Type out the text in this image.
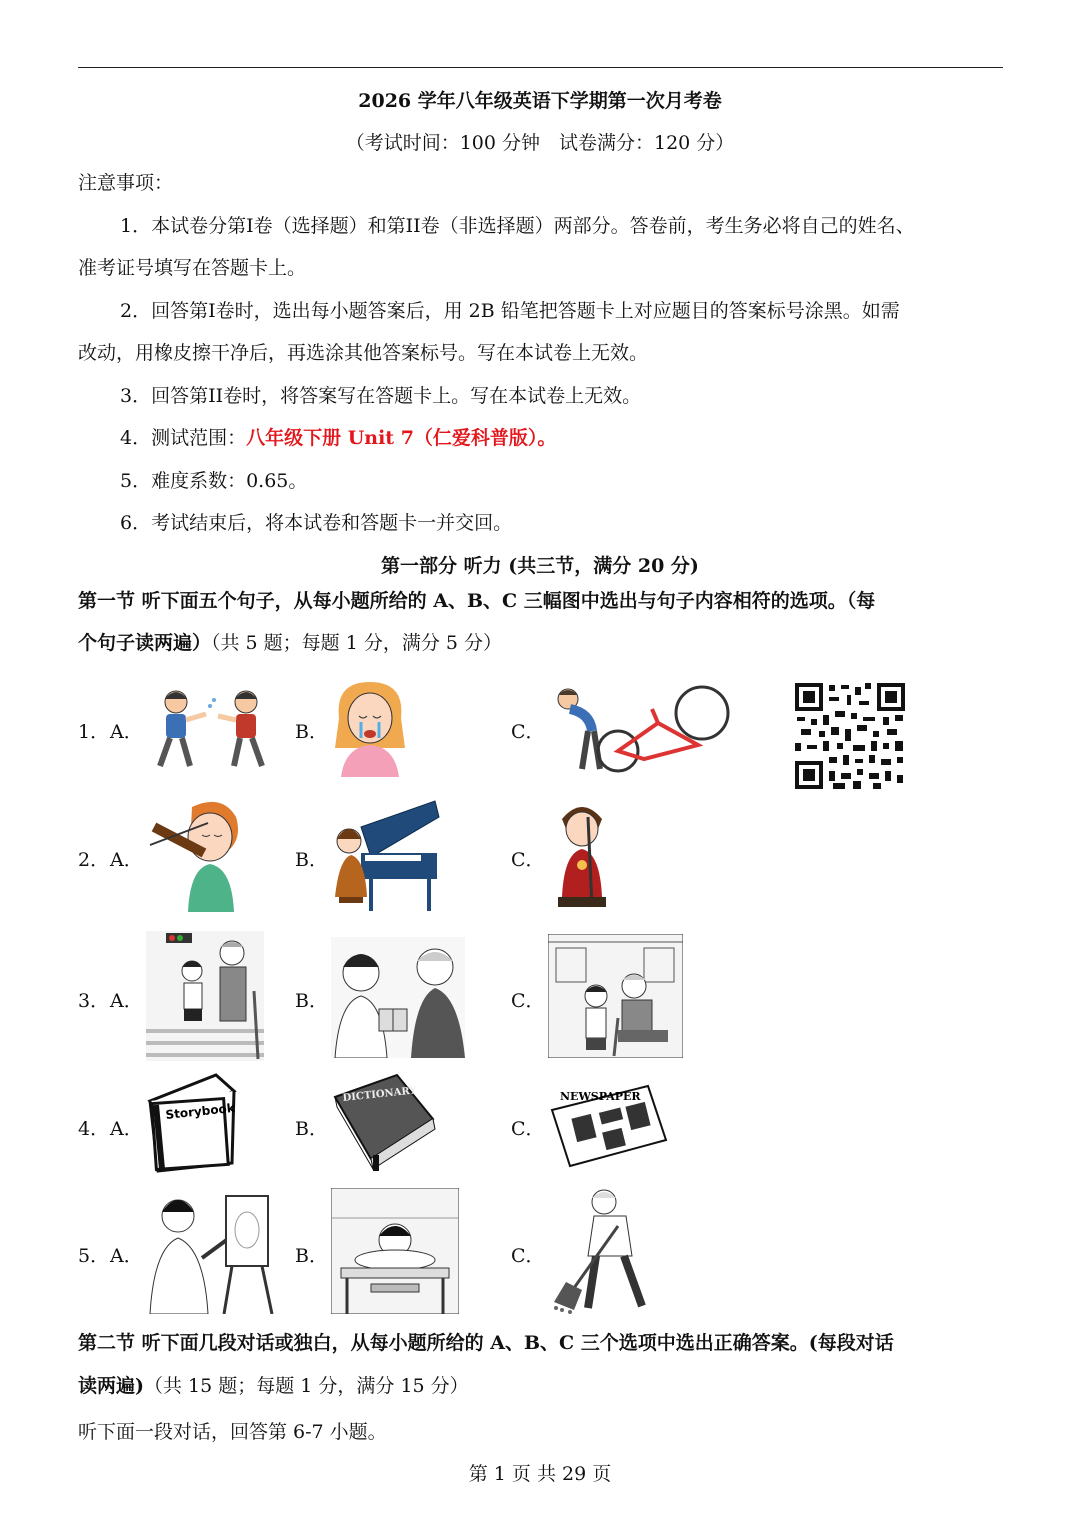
2026 学年八年级英语下学期第一次月考卷
（考试时间：100 分钟　试卷满分：120 分）

注意事项：

1．本试卷分第I卷（选择题）和第II卷（非选择题）两部分。答卷前，考生务必将自己的姓名、

准考证号填写在答题卡上。

2．回答第I卷时，选出每小题答案后，用 2B 铅笔把答题卡上对应题目的答案标号涂黑。如需

改动，用橡皮擦干净后，再选涂其他答案标号。写在本试卷上无效。

3．回答第II卷时，将答案写在答题卡上。写在本试卷上无效。

4．测试范围：八年级下册 Unit 7（仁爱科普版）。

5．难度系数：0.65。

6．考试结束后，将本试卷和答题卡一并交回。

第一部分 听力 (共三节，满分 20 分)

第一节 听下面五个句子，从每小题所给的 A、B、C 三幅图中选出与句子内容相符的选项。（每

个句子读两遍）（共 5 题；每题 1 分，满分 5 分）

1． A．	B．	C．
2． A．	B．	C．
3． A．	B．	C．
4． A．
Storybook
B．
DICTIONARY
C．
NEWSPAPER
5． A．	B．	C．

第二节 听下面几段对话或独白，从每小题所给的 A、B、C 三个选项中选出正确答案。(每段对话

读两遍)（共 15 题；每题 1 分，满分 15 分）

听下面一段对话，回答第 6-7 小题。

第 1 页 共 29 页
